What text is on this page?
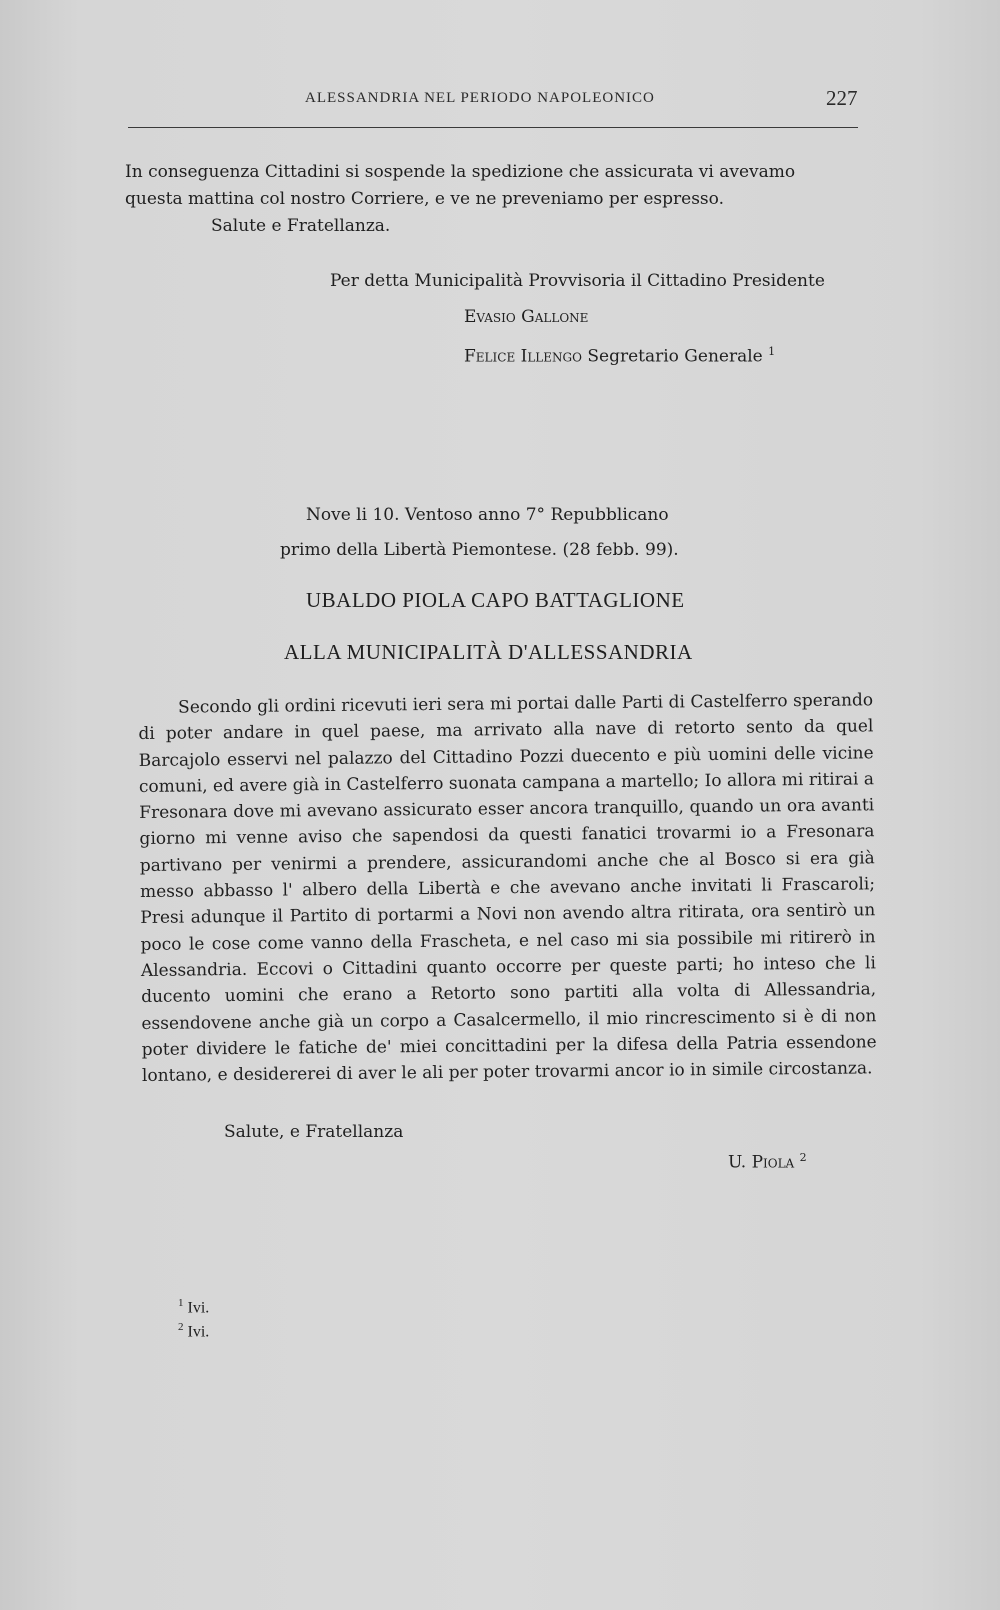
ALESSANDRIA NEL PERIODO NAPOLEONICO	227
In conseguenza Cittadini si sospende la spedizione che assicurata vi avevamo
questa mattina col nostro Corriere, e ve ne preveniamo per espresso.
Salute e Fratellanza.
Per detta Municipalità Provvisoria il Cittadino Presidente
Evasio Gallone
Felice Illengo Segretario Generale $^1$
Nove li 10. Ventoso anno 7° Repubblicano
primo della Libertà Piemontese. (28 febb. 99).
UBALDO PIOLA CAPO BATTAGLIONE
ALLA MUNICIPALITÀ D'ALLESSANDRIA
Secondo gli ordini ricevuti ieri sera mi portai dalle Parti di Castelferro sperando di poter andare in quel paese, ma arrivato alla nave di retorto sento da quel Barcajolo esservi nel palazzo del Cittadino Pozzi duecento e più uomini delle vicine comuni, ed avere già in Castelferro suonata campana a martello; Io allora mi ritirai a Fresonara dove mi avevano assicurato esser ancora tranquillo, quando un ora avanti giorno mi venne aviso che sapendosi da questi fanatici trovarmi io a Fresonara partivano per venirmi a prendere, assicurandomi anche che al Bosco si era già messo abbasso l' albero della Libertà e che avevano anche invitati li Frascaroli; Presi adunque il Partito di portarmi a Novi non avendo altra ritirata, ora sentirò un poco le cose come vanno della Frascheta, e nel caso mi sia possibile mi ritirerò in Alessandria. Eccovi o Cittadini quanto occorre per queste parti; ho inteso che li ducento uomini che erano a Retorto sono partiti alla volta di Allessandria, essendovene anche già un corpo a Casalcermello, il mio rincrescimento si è di non poter dividere le fatiche de' miei concittadini per la difesa della Patria essendone lontano, e desidererei di aver le ali per poter trovarmi ancor io in simile circostanza.
Salute, e Fratellanza
U. Piola $^2$
$^1$ Ivi.
$^2$ Ivi.
